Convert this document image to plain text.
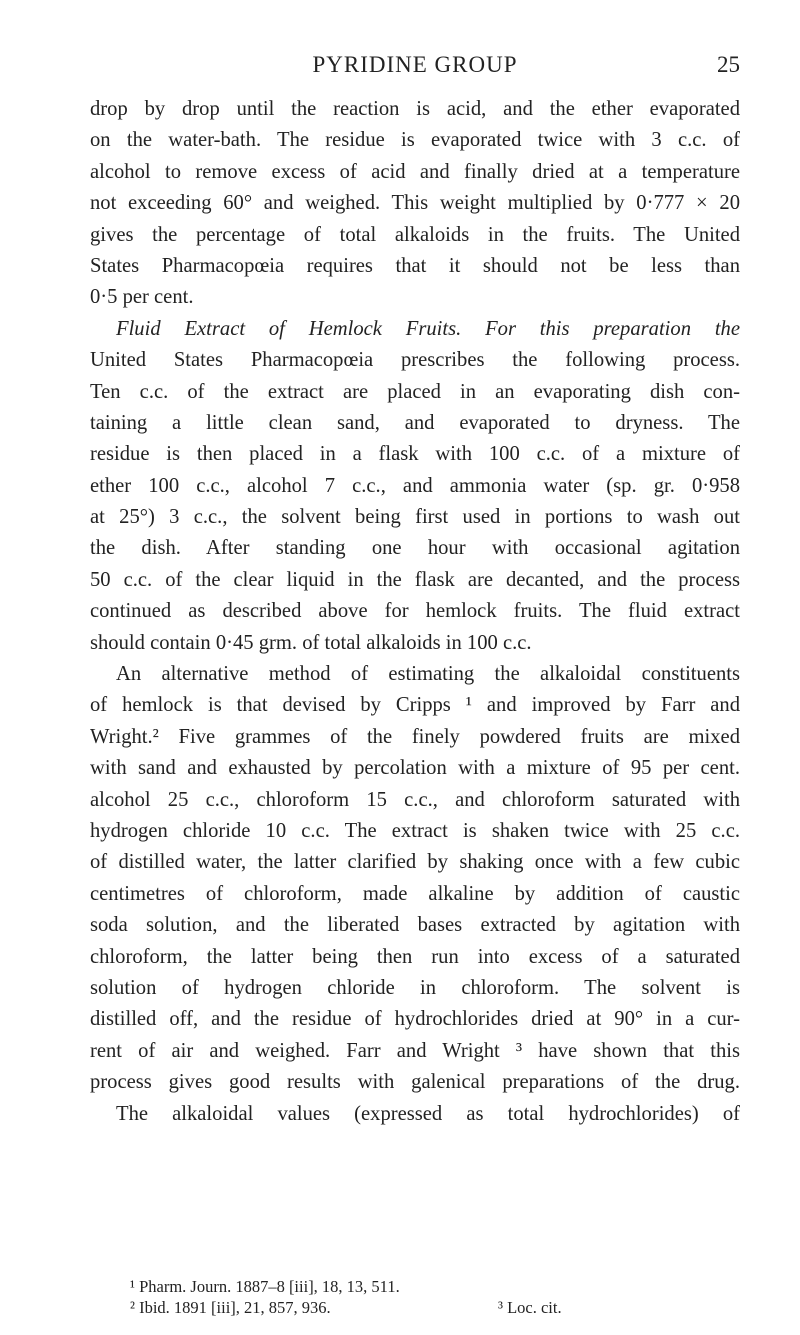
PYRIDINE GROUP	25
drop by drop until the reaction is acid, and the ether evaporated
on the water-bath. The residue is evaporated twice with 3 c.c. of
alcohol to remove excess of acid and finally dried at a temperature
not exceeding 60° and weighed. This weight multiplied by 0·777 × 20
gives the percentage of total alkaloids in the fruits. The United
States Pharmacopœia requires that it should not be less than
0·5 per cent.
Fluid Extract of Hemlock Fruits. For this preparation the
United States Pharmacopœia prescribes the following process.
Ten c.c. of the extract are placed in an evaporating dish con-
taining a little clean sand, and evaporated to dryness. The
residue is then placed in a flask with 100 c.c. of a mixture of
ether 100 c.c., alcohol 7 c.c., and ammonia water (sp. gr. 0·958
at 25°) 3 c.c., the solvent being first used in portions to wash out
the dish. After standing one hour with occasional agitation
50 c.c. of the clear liquid in the flask are decanted, and the process
continued as described above for hemlock fruits. The fluid extract
should contain 0·45 grm. of total alkaloids in 100 c.c.
An alternative method of estimating the alkaloidal constituents
of hemlock is that devised by Cripps ¹ and improved by Farr and
Wright.² Five grammes of the finely powdered fruits are mixed
with sand and exhausted by percolation with a mixture of 95 per cent.
alcohol 25 c.c., chloroform 15 c.c., and chloroform saturated with
hydrogen chloride 10 c.c. The extract is shaken twice with 25 c.c.
of distilled water, the latter clarified by shaking once with a few cubic
centimetres of chloroform, made alkaline by addition of caustic
soda solution, and the liberated bases extracted by agitation with
chloroform, the latter being then run into excess of a saturated
solution of hydrogen chloride in chloroform. The solvent is
distilled off, and the residue of hydrochlorides dried at 90° in a cur-
rent of air and weighed. Farr and Wright ³ have shown that this
process gives good results with galenical preparations of the drug.
The alkaloidal values (expressed as total hydrochlorides) of
¹ Pharm. Journ. 1887–8 [iii], 18, 13, 511.
² Ibid. 1891 [iii], 21, 857, 936.	³ Loc. cit.
